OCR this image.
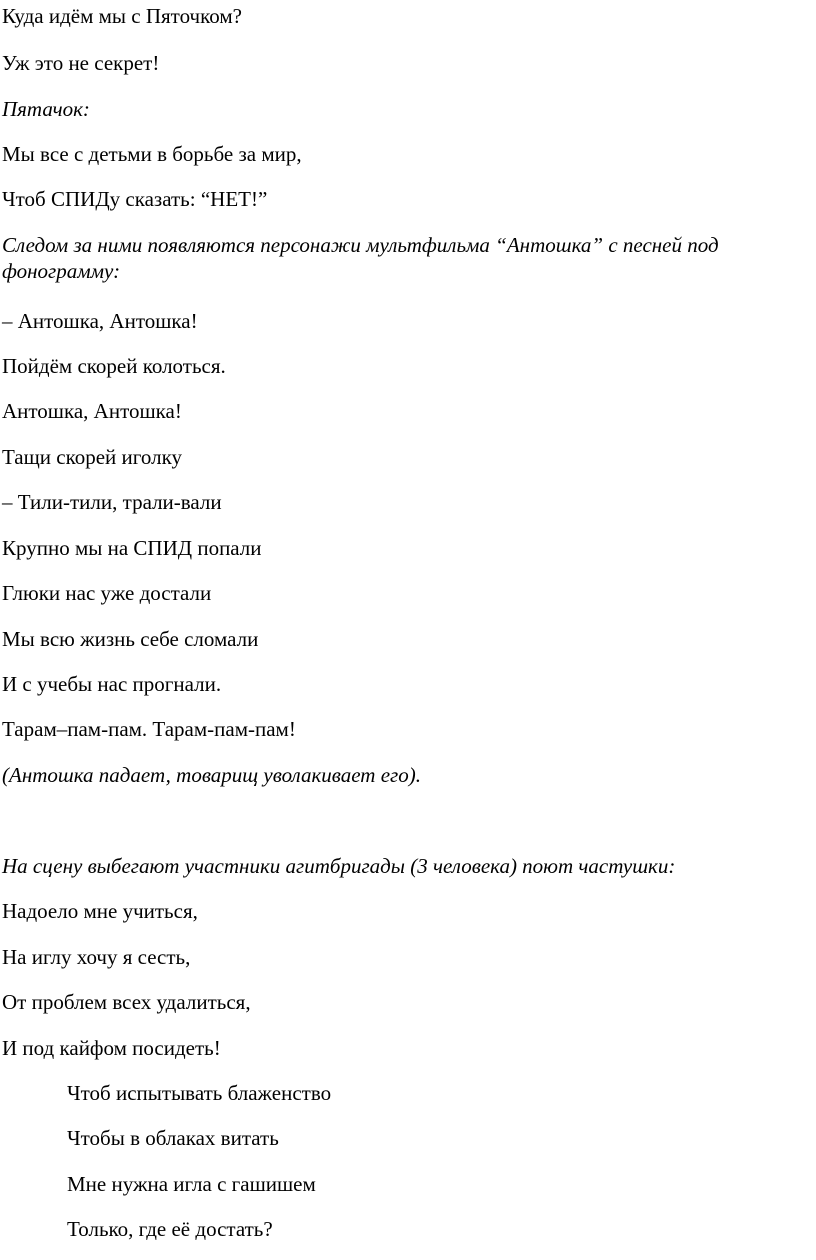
Куда идём мы с Пяточком?

Уж это не секрет!

Пятачок:

Мы все с детьми в борьбе за мир,

Чтоб СПИДу сказать: “НЕТ!”

Следом за ними появляются персонажи мультфильма “Антошка” с песней под фонограмму:

– Антошка, Антошка!

Пойдём скорей колоться.

Антошка, Антошка!

Тащи скорей иголку

– Тили-тили, трали-вали

Крупно мы на СПИД попали

Глюки нас уже достали

Мы всю жизнь себе сломали

И с учебы нас прогнали.

Тарам–пам-пам. Тарам-пам-пам!

(Антошка падает, товарищ уволакивает его).

На сцену выбегают участники агитбригады (3 человека) поют частушки:

Надоело мне учиться,

На иглу хочу я сесть,

От проблем всех удалиться,

И под кайфом посидеть!

Чтоб испытывать блаженство

Чтобы в облаках витать

Мне нужна игла с гашишем

Только, где её достать?
